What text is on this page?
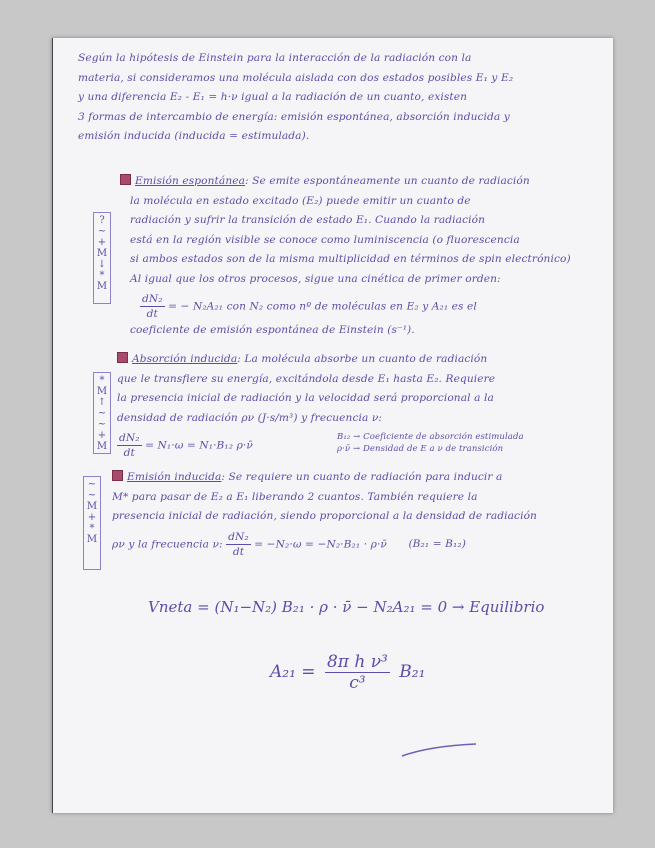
Según la hipótesis de Einstein para la interacción de la radiación con la
materia, si consideramos una molécula aislada con dos estados posibles E₁ y E₂
y una diferencia E₂ - E₁ = h·ν igual a la radiación de un cuanto, existen
3 formas de intercambio de energía: emisión espontánea, absorción inducida y
emisión inducida (inducida = estimulada).
?
~
+
M
↓
*
M
Emisión espontánea: Se emite espontáneamente un cuanto de radiación
la molécula en estado excitado (E₂) puede emitir un cuanto de
radiación y sufrir la transición de estado E₁. Cuando la radiación
está en la región visible se conoce como luminiscencia (o fluorescencia
si ambos estados son de la misma multiplicidad en términos de spin electrónico)
Al igual que los otros procesos, sigue una cinética de primer orden:
$\frac{\text{dN₂}}{dt}$ = − N₂A₂₁ con N₂ como nº de moléculas en E₂ y A₂₁ es el
coeficiente de emisión espontánea de Einstein (s⁻¹).
*
M
↑
~
~
+
M
Absorción inducida: La molécula absorbe un cuanto de radiación
que le transfiere su energía, excitándola desde E₁ hasta E₂. Requiere
la presencia inicial de radiación y la velocidad será proporcional a la
densidad de radiación ρν (J·s/m³) y frecuencia ν:
$\frac{\text{dN₂}}{dt} = N_1\cdot\omega = N_1\cdot B_{12}$ ρ·ν̄
B₁₂ → Coeficiente de absorción estimulada
ρ·ν̄ → Densidad de E a ν de transición
~
~
M
+
*
M
Emisión inducida: Se requiere un cuanto de radiación para inducir a
M* para pasar de E₂ a E₁ liberando 2 cuantos. También requiere la
presencia inicial de radiación, siendo proporcional a la densidad de radiación
ρν y la frecuencia ν: $\frac{\text{dN₂}}{dt} = -N_2\cdot\omega = -N_2\cdot B_{21}$ · ρ·ν̄ (B₂₁ = B₁₂)
Vneta = (N₁−N₂) B₂₁ · ρ · ν̄ − N₂A₂₁ = 0 → Equilibrio
$A_{21} = \frac{\text{8π h ν³}}{\text{c³}} B_{21}$
